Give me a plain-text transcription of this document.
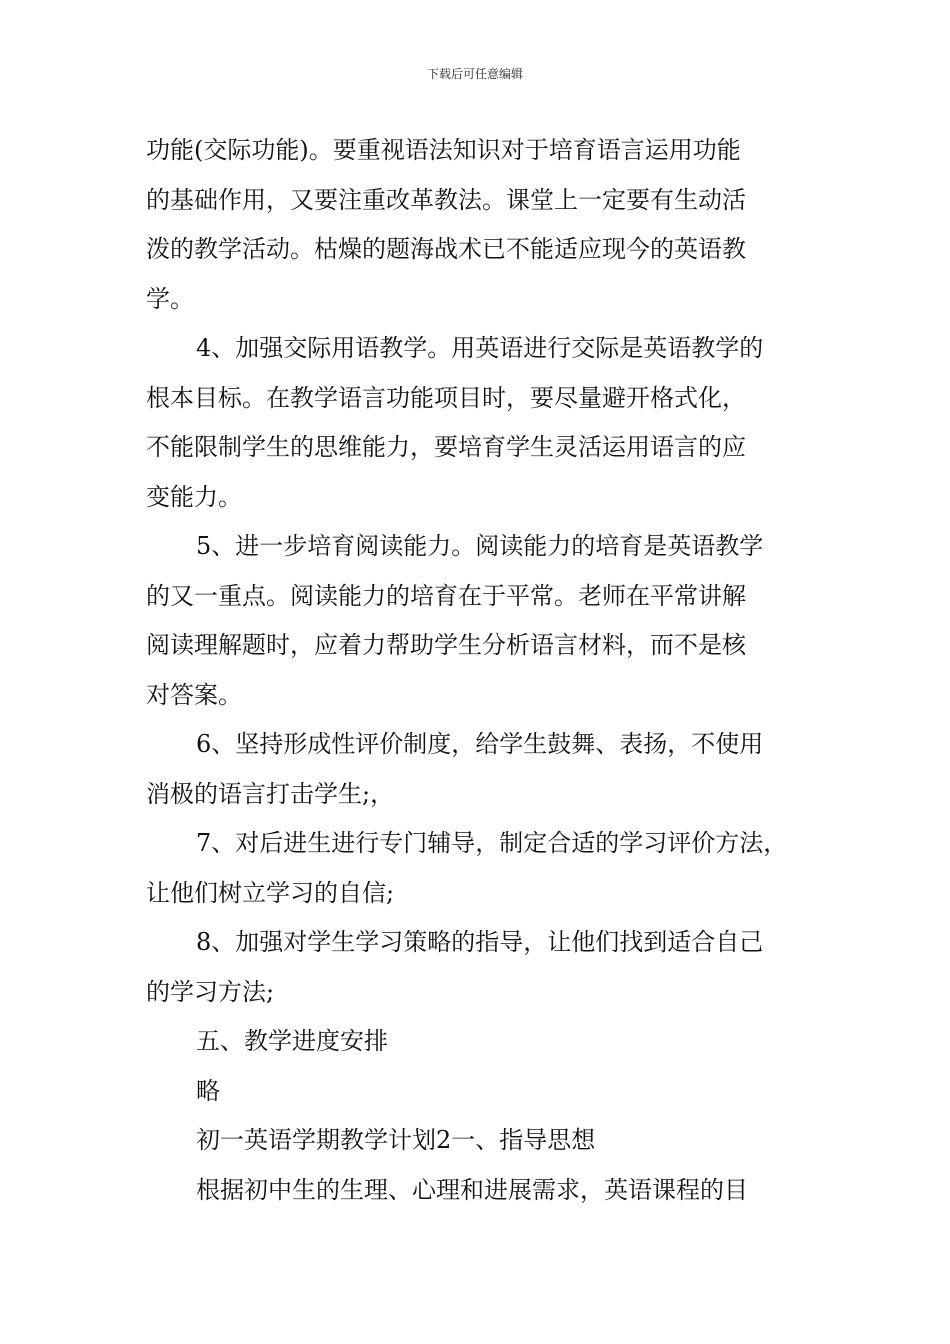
下载后可任意编辑
功能(交际功能)。要重视语法知识对于培育语言运用功能
的基础作用，又要注重改革教法。课堂上一定要有生动活
泼的教学活动。枯燥的题海战术已不能适应现今的英语教
学。
4、加强交际用语教学。用英语进行交际是英语教学的
根本目标。在教学语言功能项目时，要尽量避开格式化，
不能限制学生的思维能力，要培育学生灵活运用语言的应
变能力。
5、进一步培育阅读能力。阅读能力的培育是英语教学
的又一重点。阅读能力的培育在于平常。老师在平常讲解
阅读理解题时，应着力帮助学生分析语言材料，而不是核
对答案。
6、坚持形成性评价制度，给学生鼓舞、表扬，不使用
消极的语言打击学生;，
7、对后进生进行专门辅导，制定合适的学习评价方法，
让他们树立学习的自信;
8、加强对学生学习策略的指导，让他们找到适合自己
的学习方法;
五、教学进度安排
略
初一英语学期教学计划2一、指导思想
根据初中生的生理、心理和进展需求，英语课程的目
